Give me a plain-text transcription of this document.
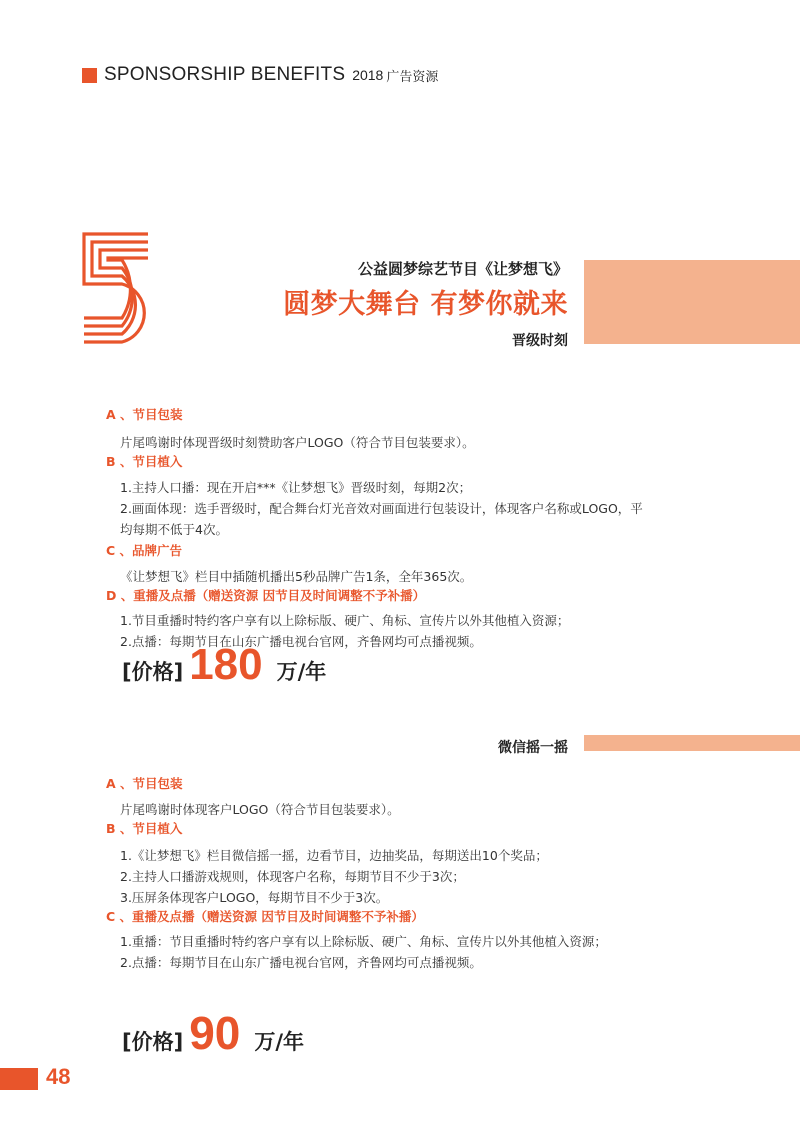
SPONSORSHIP BENEFITS 2018 广告资源
公益圆梦综艺节目《让梦想飞》
圆梦大舞台 有梦你就来
晋级时刻

A 、节目包装

片尾鸣谢时体现晋级时刻赞助客户LOGO（符合节目包装要求）。

B 、节目植入

1.主持人口播：现在开启***《让梦想飞》晋级时刻，每期2次；

2.画面体现：选手晋级时，配合舞台灯光音效对画面进行包装设计，体现客户名称或LOGO，平

均每期不低于4次。

C 、品牌广告

《让梦想飞》栏目中插随机播出5秒品牌广告1条，全年365次。

D 、重播及点播（赠送资源 因节目及时间调整不予补播）

1.节目重播时特约客户享有以上除标版、硬广、角标、宣传片以外其他植入资源；

2.点播：每期节目在山东广播电视台官网，齐鲁网均可点播视频。

[价格] 180 万/年
微信摇一摇

A 、节目包装

片尾鸣谢时体现客户LOGO（符合节目包装要求）。

B 、节目植入

1.《让梦想飞》栏目微信摇一摇，边看节目，边抽奖品，每期送出10个奖品；

2.主持人口播游戏规则，体现客户名称，每期节目不少于3次；

3.压屏条体现客户LOGO，每期节目不少于3次。

C 、重播及点播（赠送资源 因节目及时间调整不予补播）

1.重播：节目重播时特约客户享有以上除标版、硬广、角标、宣传片以外其他植入资源；

2.点播：每期节目在山东广播电视台官网，齐鲁网均可点播视频。

[价格] 90 万/年
48
